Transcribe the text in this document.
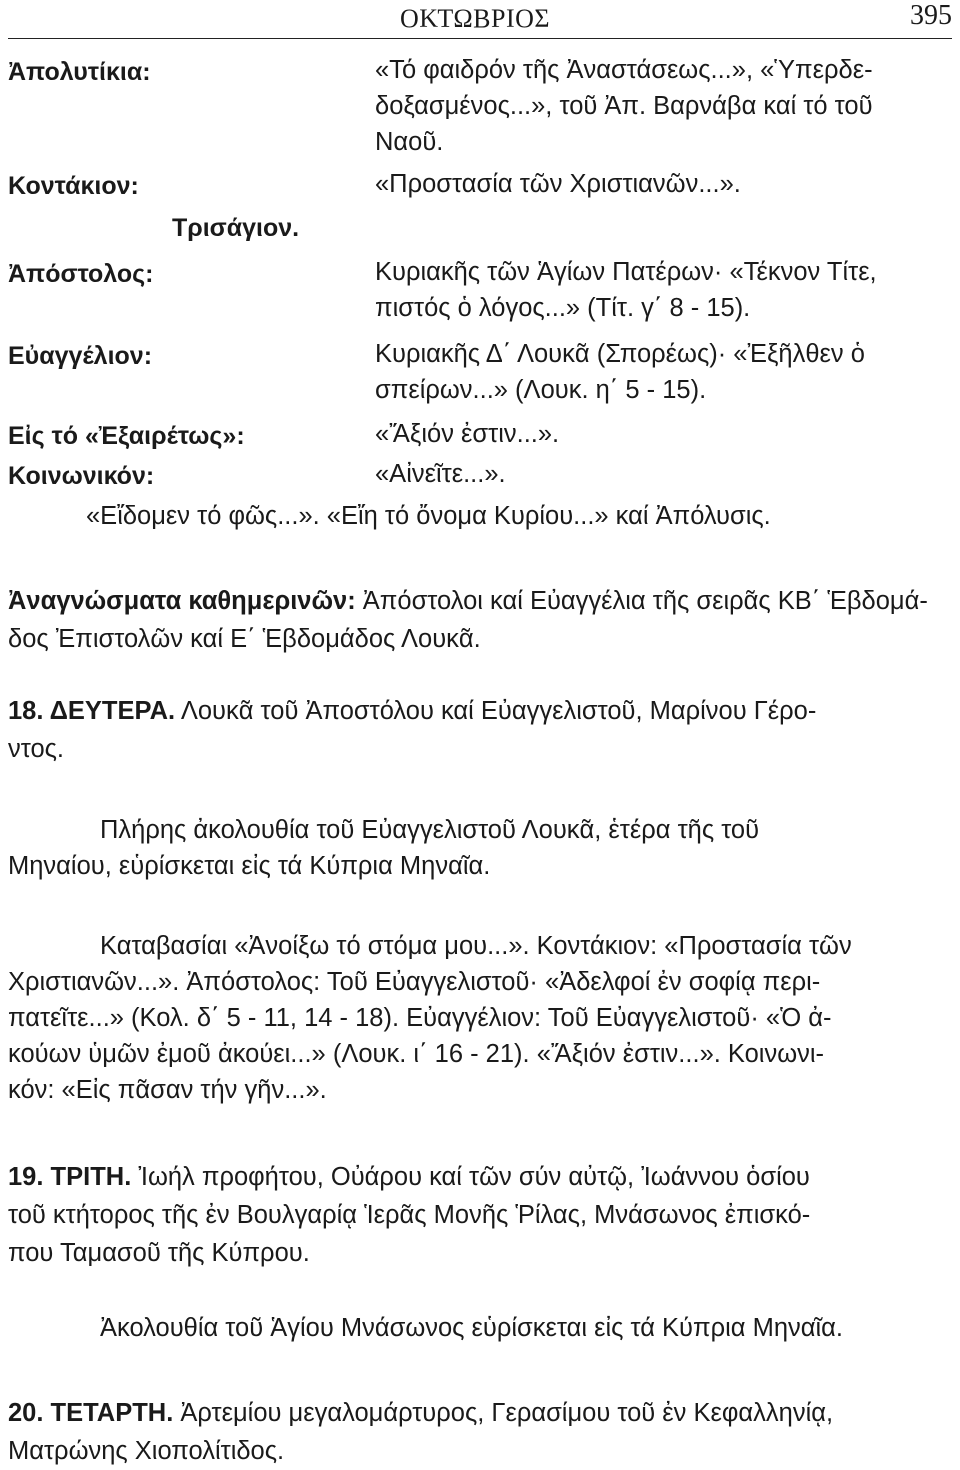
ΟΚΤΩΒΡΙΟΣ	395
Ἀπολυτίκια:	«Τό φαιδρόν τῆς Ἀναστάσεως...», «Ὑπερδε-
δοξασμένος...», τοῦ Ἀπ. Βαρνάβα καί τό τοῦ
Ναοῦ.
Κοντάκιον:	«Προστασία τῶν Χριστιανῶν...».
Τρισάγιον.
Ἀπόστολος:	Κυριακῆς τῶν Ἁγίων Πατέρων· «Τέκνον Τίτε,
πιστός ὁ λόγος...» (Τίτ. γ΄ 8 - 15).
Εὐαγγέλιον:	Κυριακῆς Δ΄ Λουκᾶ (Σπορέως)· «Ἐξῆλθεν ὁ
σπείρων...» (Λουκ. η΄ 5 - 15).
Εἰς τό «Ἐξαιρέτως»:	«Ἄξιόν ἐστιν...».
Κοινωνικόν:	«Αἰνεῖτε...».
«Εἴδομεν τό φῶς...». «Εἴη τό ὄνομα Κυρίου...» καί Ἀπόλυσις.
Ἀναγνώσματα καθημερινῶν: Ἀπόστολοι καί Εὐαγγέλια τῆς σειρᾶς ΚΒ΄ Ἑβδομά-
δος Ἐπιστολῶν καί Ε΄ Ἑβδομάδος Λουκᾶ.
18. ΔΕΥΤΕΡΑ. Λουκᾶ τοῦ Ἀποστόλου καί Εὐαγγελιστοῦ, Μαρίνου Γέρο-
ντος.
Πλήρης ἀκολουθία τοῦ Εὐαγγελιστοῦ Λουκᾶ, ἑτέρα τῆς τοῦ
Μηναίου, εὑρίσκεται εἰς τά Κύπρια Μηναῖα.
Καταβασίαι «Ἀνοίξω τό στόμα μου...». Κοντάκιον: «Προστασία τῶν
Χριστιανῶν...». Ἀπόστολος: Τοῦ Εὐαγγελιστοῦ· «Ἀδελφοί ἐν σοφίᾳ περι-
πατεῖτε...» (Κολ. δ΄ 5 - 11, 14 - 18). Εὐαγγέλιον: Τοῦ Εὐαγγελιστοῦ· «Ὁ ἀ-
κούων ὑμῶν ἐμοῦ ἀκούει...» (Λουκ. ι΄ 16 - 21). «Ἄξιόν ἐστιν...». Κοινωνι-
κόν: «Εἰς πᾶσαν τήν γῆν...».
19. ΤΡΙΤΗ. Ἰωήλ προφήτου, Οὐάρου καί τῶν σύν αὐτῷ, Ἰωάννου ὁσίου
τοῦ κτήτορος τῆς ἐν Βουλγαρίᾳ Ἱερᾶς Μονῆς Ῥίλας, Μνάσωνος ἐπισκό-
που Ταμασοῦ τῆς Κύπρου.
Ἀκολουθία τοῦ Ἁγίου Μνάσωνος εὑρίσκεται εἰς τά Κύπρια Μηναῖα.
20. ΤΕΤΑΡΤΗ. Ἀρτεμίου μεγαλομάρτυρος, Γερασίμου τοῦ ἐν Κεφαλληνίᾳ,
Ματρώνης Χιοπολίτιδος.
